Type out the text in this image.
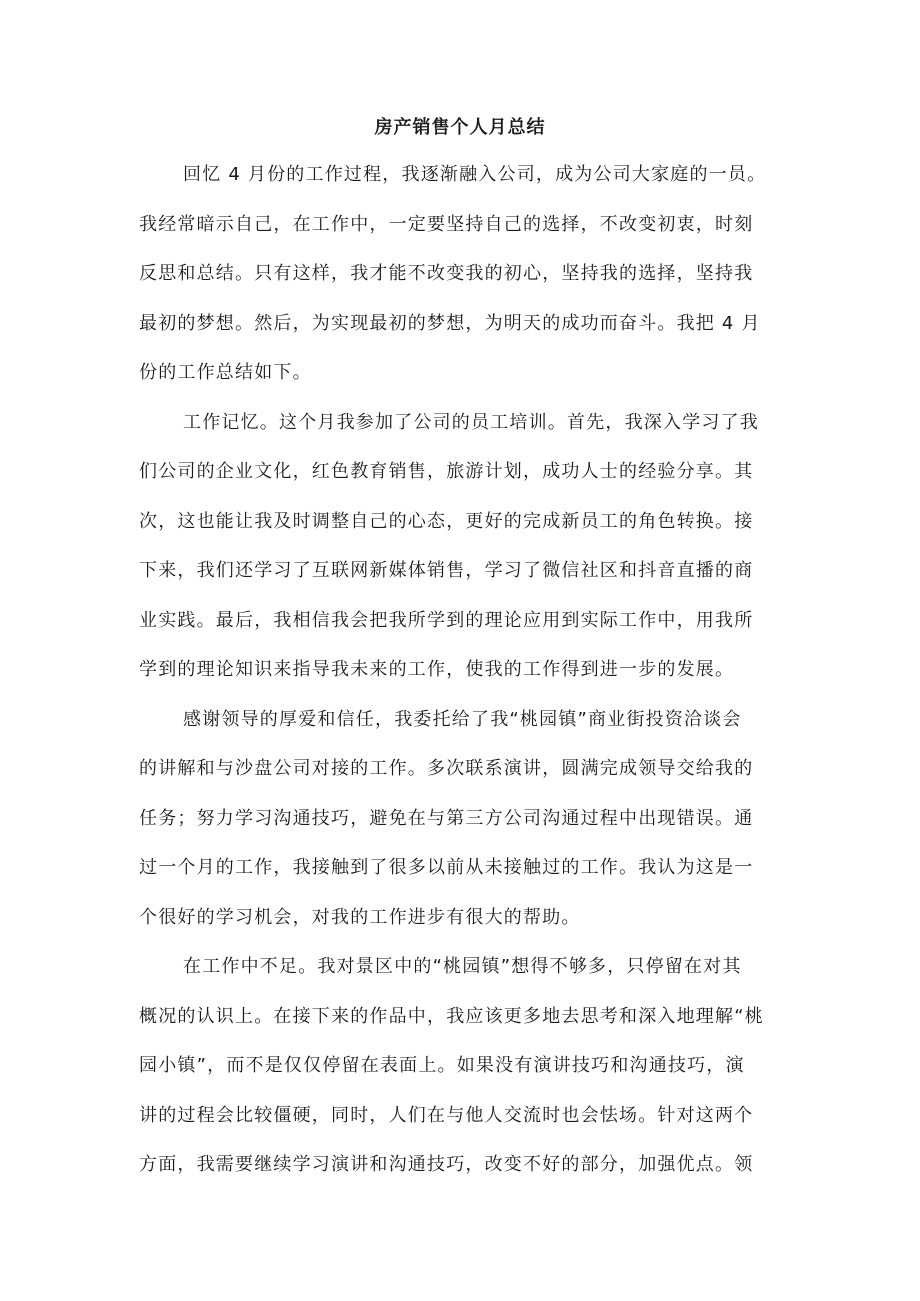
房产销售个人月总结

回忆 4 月份的工作过程，我逐渐融入公司，成为公司大家庭的一员。
我经常暗示自己，在工作中，一定要坚持自己的选择，不改变初衷，时刻
反思和总结。只有这样，我才能不改变我的初心，坚持我的选择，坚持我
最初的梦想。然后，为实现最初的梦想，为明天的成功而奋斗。我把 4 月
份的工作总结如下。

工作记忆。这个月我参加了公司的员工培训。首先，我深入学习了我
们公司的企业文化，红色教育销售，旅游计划，成功人士的经验分享。其
次，这也能让我及时调整自己的心态，更好的完成新员工的角色转换。接
下来，我们还学习了互联网新媒体销售，学习了微信社区和抖音直播的商
业实践。最后，我相信我会把我所学到的理论应用到实际工作中，用我所
学到的理论知识来指导我未来的工作，使我的工作得到进一步的发展。

感谢领导的厚爱和信任，我委托给了我“桃园镇”商业街投资洽谈会
的讲解和与沙盘公司对接的工作。多次联系演讲，圆满完成领导交给我的
任务；努力学习沟通技巧，避免在与第三方公司沟通过程中出现错误。通
过一个月的工作，我接触到了很多以前从未接触过的工作。我认为这是一
个很好的学习机会，对我的工作进步有很大的帮助。

在工作中不足。我对景区中的“桃园镇”想得不够多，只停留在对其
概况的认识上。在接下来的作品中，我应该更多地去思考和深入地理解“桃
园小镇”，而不是仅仅停留在表面上。如果没有演讲技巧和沟通技巧，演
讲的过程会比较僵硬，同时，人们在与他人交流时也会怯场。针对这两个
方面，我需要继续学习演讲和沟通技巧，改变不好的部分，加强优点。领
